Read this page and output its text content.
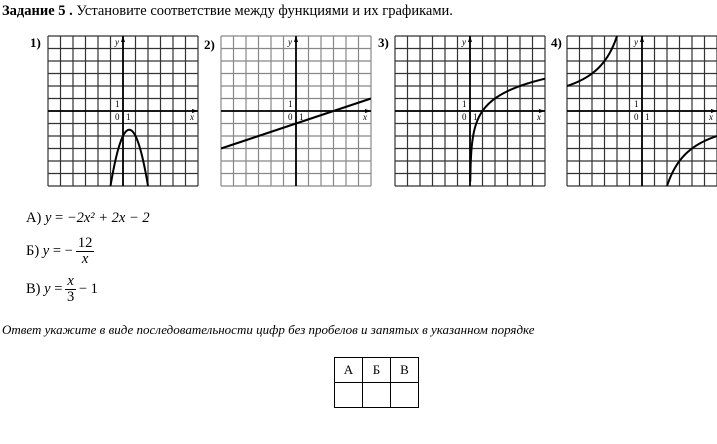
Задание 5 . Установите соответствие между функциями и их графиками.
1)	2)	3)	4)
y
x
0 1
1
y
x
0 1
1
y
x
0 1
1
y
x
0 1
1
А)
y
=
−2x² + 2x − 2
Б)
y
= − $\frac{12}{x}$
В)
y
= $\frac{x}{3} - 1$
Ответ укажите в виде последовательности цифр без пробелов и запятых в указанном порядке
А	Б	В
